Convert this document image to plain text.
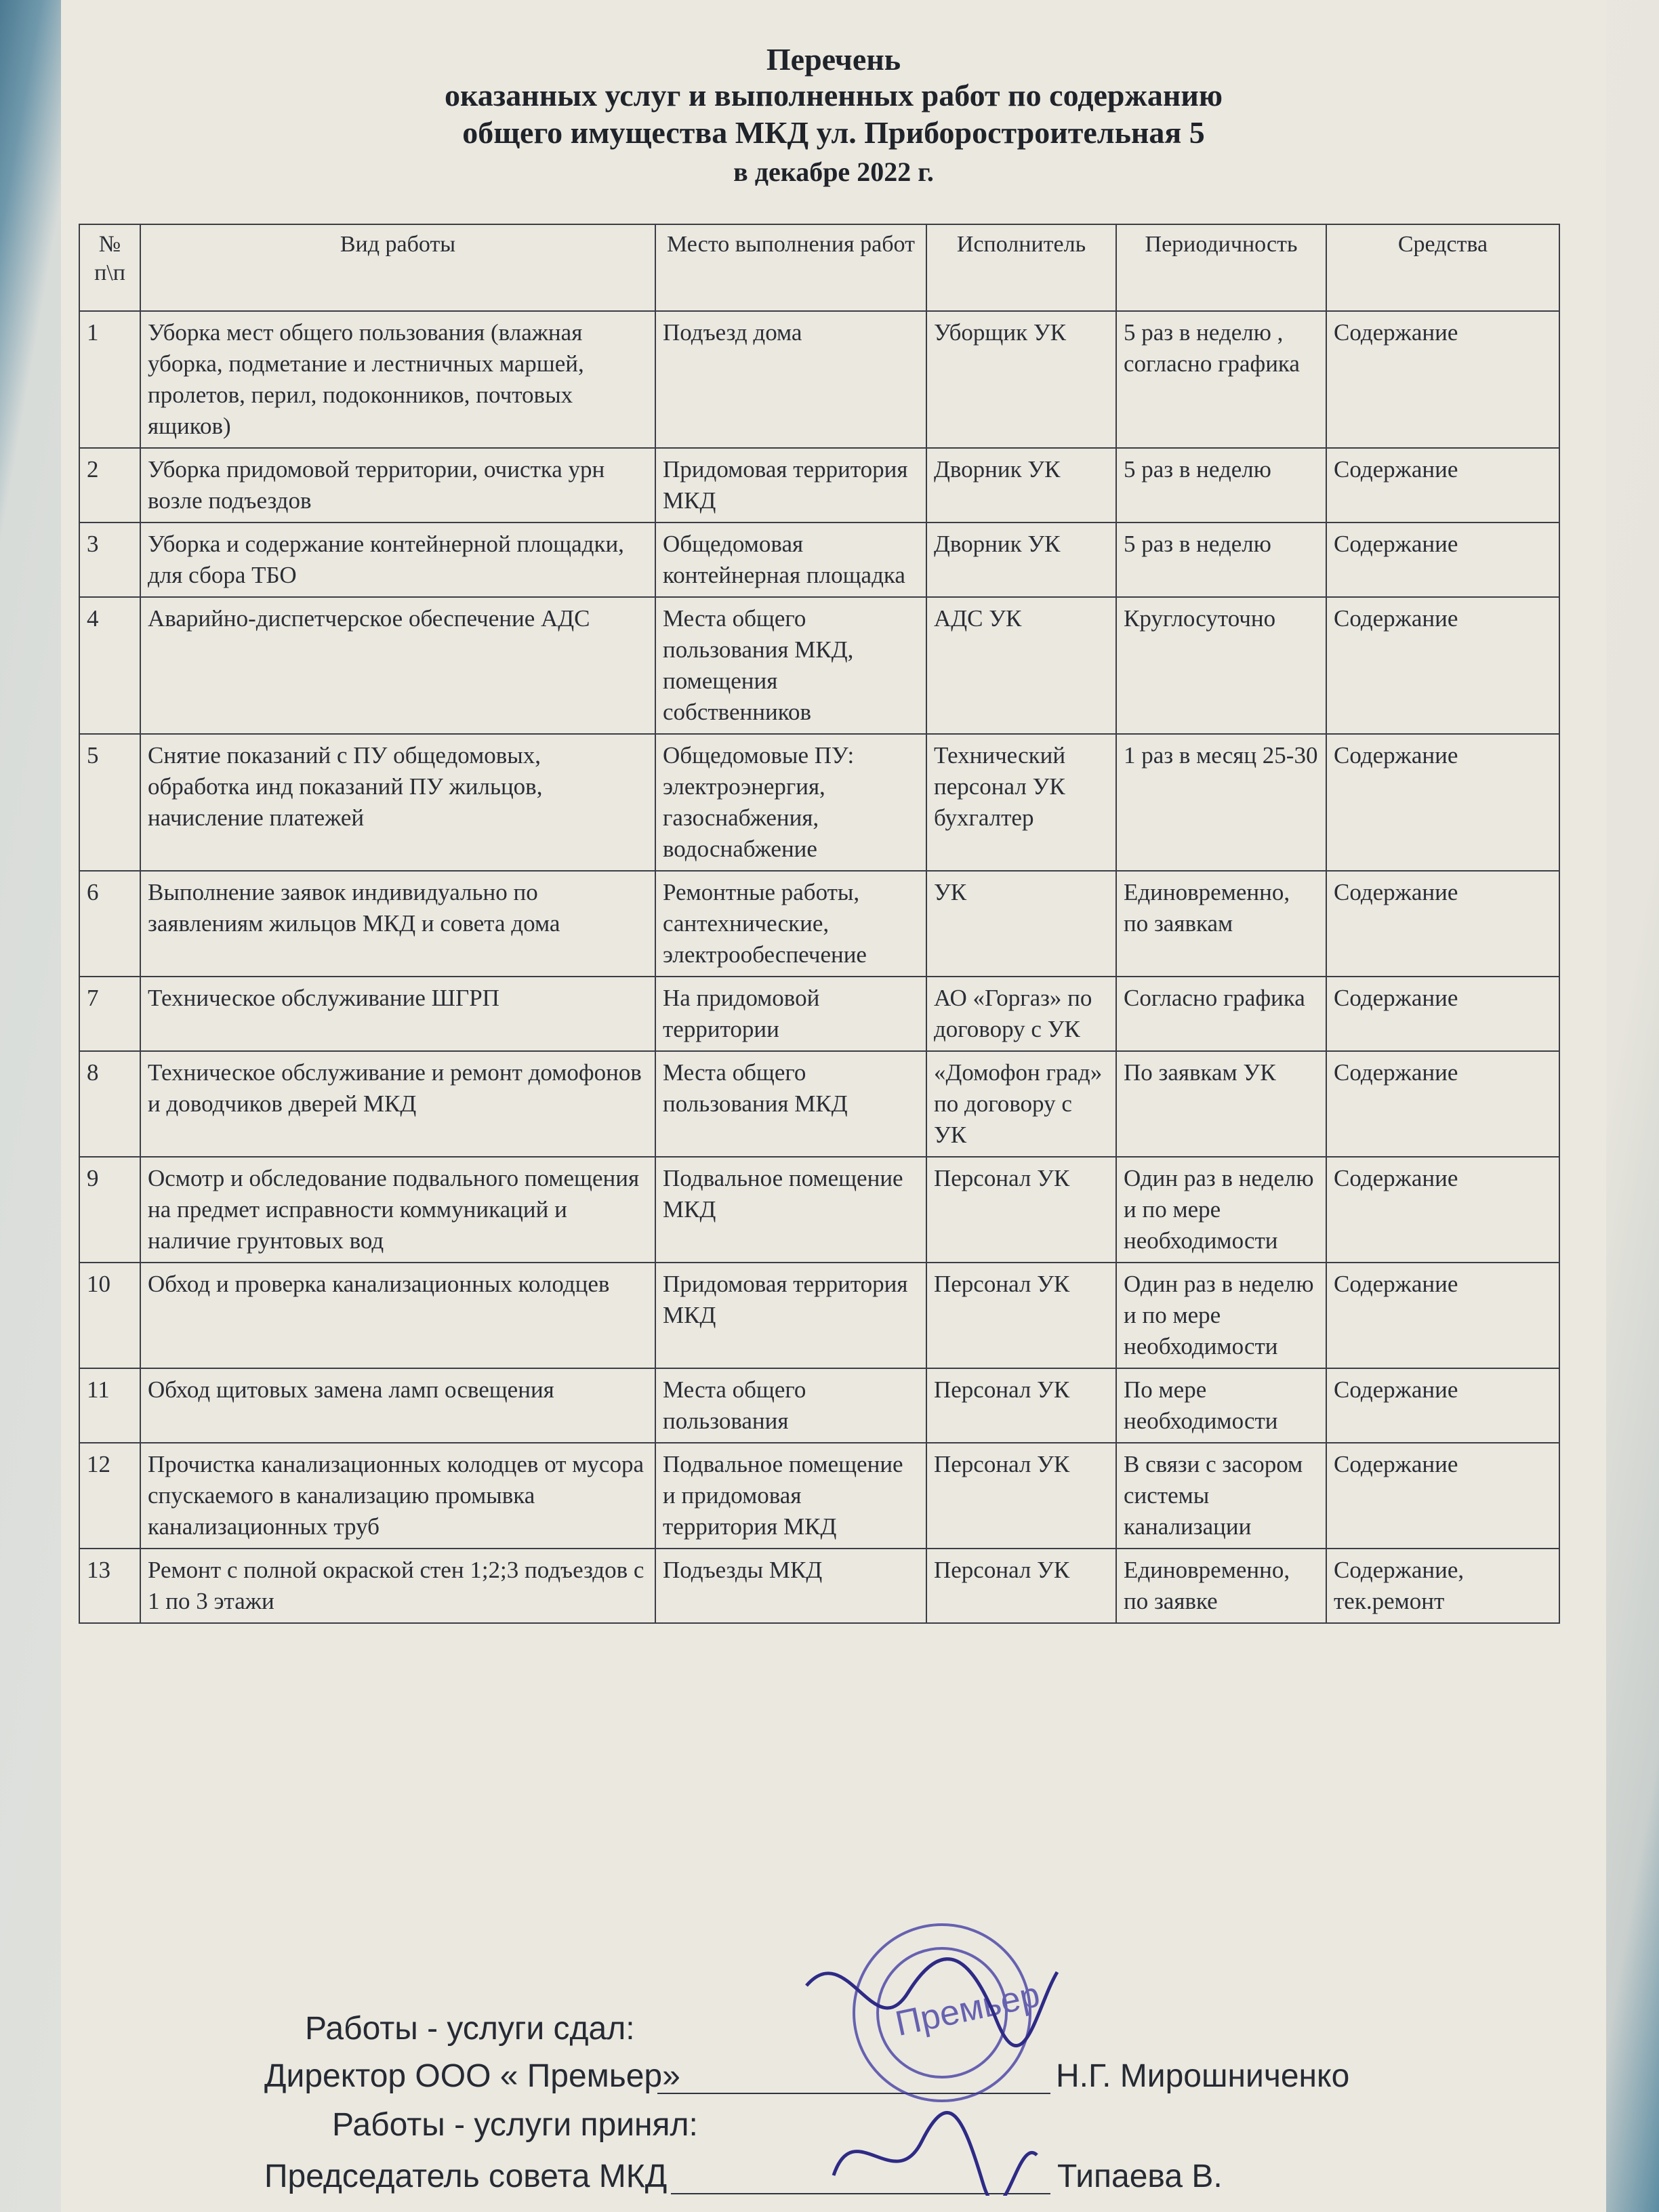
Перечень
оказанных услуг и выполненных работ по содержанию
общего имущества МКД ул. Приборостроительная 5
в декабре 2022 г.
№ п\п	Вид работы	Место выполнения работ	Исполнитель	Периодичность	Средства
1	Уборка мест общего пользования (влажная уборка, подметание и лестничных маршей, пролетов, перил, подоконников, почтовых ящиков)	Подъезд дома	Уборщик УК	5 раз в неделю , согласно графика	Содержание
2	Уборка придомовой территории, очистка урн возле подъездов	Придомовая территория МКД	Дворник УК	5 раз в неделю	Содержание
3	Уборка и содержание контейнерной площадки, для сбора ТБО	Общедомовая контейнерная площадка	Дворник УК	5 раз в неделю	Содержание
4	Аварийно-диспетчерское обеспечение АДС	Места общего пользования МКД, помещения собственников	АДС УК	Круглосуточно	Содержание
5	Снятие показаний с ПУ общедомовых, обработка инд показаний ПУ жильцов, начисление платежей	Общедомовые ПУ: электроэнергия, газоснабжения, водоснабжение	Технический персонал УК бухгалтер	1 раз в месяц 25-30	Содержание
6	Выполнение заявок индивидуально по заявлениям жильцов МКД и совета дома	Ремонтные работы, сантехнические, электрообеспечение	УК	Единовременно, по заявкам	Содержание
7	Техническое обслуживание ШГРП	На придомовой территории	АО «Горгаз» по договору с УК	Согласно графика	Содержание
8	Техническое обслуживание и ремонт домофонов и доводчиков дверей МКД	Места общего пользования МКД	«Домофон град» по договору с УК	По заявкам УК	Содержание
9	Осмотр и обследование подвального помещения на предмет исправности коммуникаций и наличие грунтовых вод	Подвальное помещение МКД	Персонал УК	Один раз в неделю и по мере необходимости	Содержание
10	Обход и проверка канализационных колодцев	Придомовая территория МКД	Персонал УК	Один раз в неделю и по мере необходимости	Содержание
11	Обход щитовых замена ламп освещения	Места общего пользования	Персонал УК	По мере необходимости	Содержание
12	Прочистка канализационных колодцев от мусора спускаемого в канализацию промывка канализационных труб	Подвальное помещение и придомовая территория МКД	Персонал УК	В связи с засором системы канализации	Содержание
13	Ремонт с полной окраской стен 1;2;3 подъездов с 1 по 3 этажи	Подъезды МКД	Персонал УК	Единовременно, по заявке	Содержание, тек.ремонт
Работы - услуги сдал:
Директор ООО « Премьер»	Н.Г. Мирошниченко
Работы - услуги принял:
Председатель совета МКД	Типаева В.
Премьер
